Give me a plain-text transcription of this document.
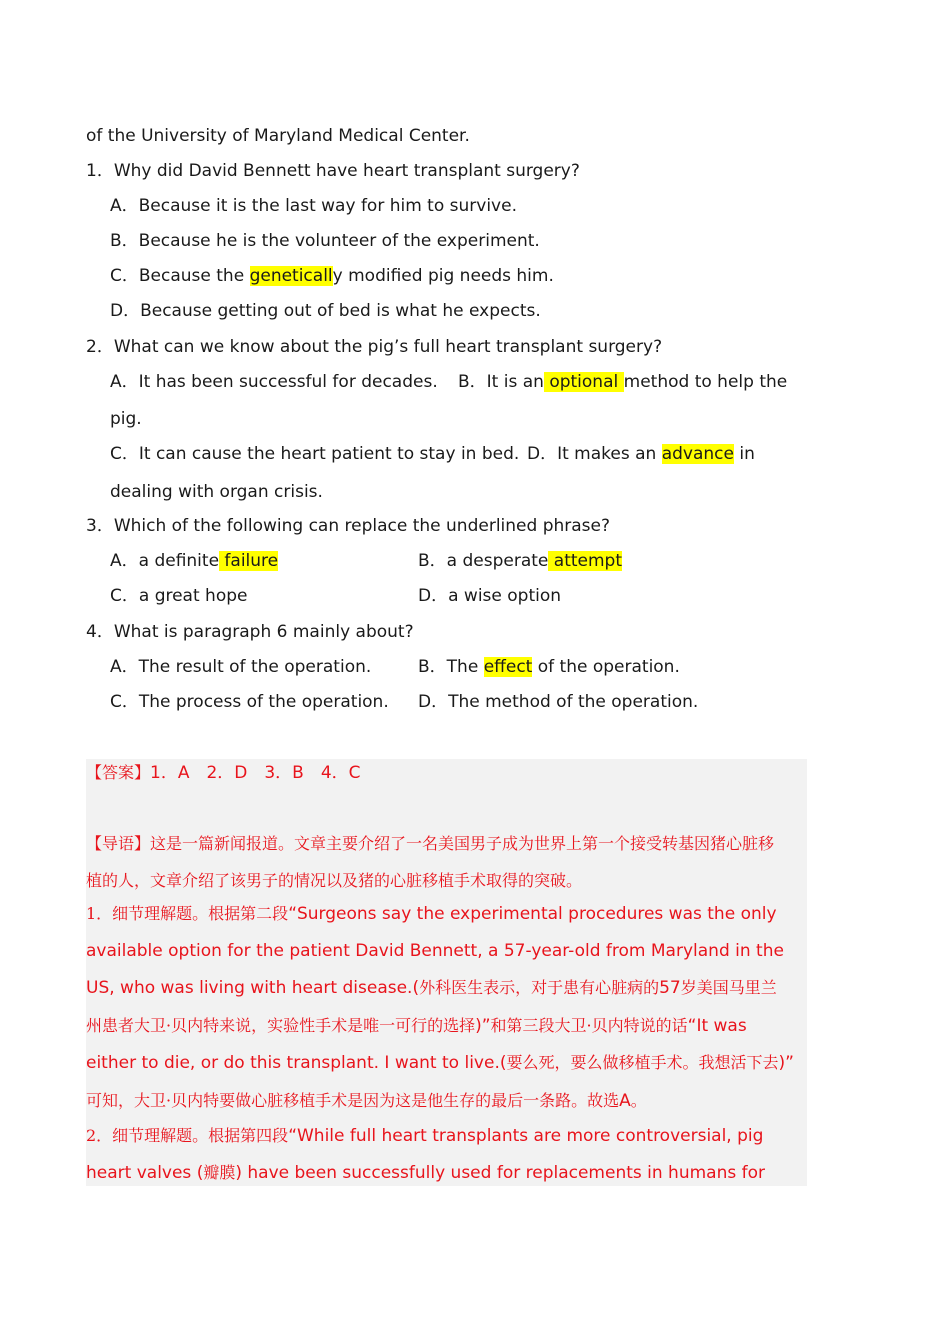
of the University of Maryland Medical Center.
1．Why did David Bennett have heart transplant surgery?
A．Because it is the last way for him to survive.
B．Because he is the volunteer of the experiment.
C．Because the genetically modified pig needs him.
D．Because getting out of bed is what he expects.
2．What can we know about the pig’s full heart transplant surgery?
A．It has been successful for decades. B．It is an optional method to help the
pig.
C．It can cause the heart patient to stay in bed. D．It makes an advance in
dealing with organ crisis.
3．Which of the following can replace the underlined phrase?
A．a definite failure	B．a desperate attempt
C．a great hope	D．a wise option
4．What is paragraph 6 mainly about?
A．The result of the operation.	B．The effect of the operation.
C．The process of the operation. D．The method of the operation.
【答案】1．A　2．D　3．B　4．C
【导语】这是一篇新闻报道。文章主要介绍了一名美国男子成为世界上第一个接受转基因猪心脏移
植的人，文章介绍了该男子的情况以及猪的心脏移植手术取得的突破。
1．细节理解题。根据第二段“Surgeons say the experimental procedures was the only
available option for the patient David Bennett, a 57-year-old from Maryland in the
US, who was living with heart disease.(外科医生表示，对于患有心脏病的57岁美国马里兰
州患者大卫·贝内特来说，实验性手术是唯一可行的选择)”和第三段大卫·贝内特说的话“It was
either to die, or do this transplant. I want to live.(要么死，要么做移植手术。我想活下去)”
可知，大卫·贝内特要做心脏移植手术是因为这是他生存的最后一条路。故选A。
2．细节理解题。根据第四段“While full heart transplants are more controversial, pig
heart valves (瓣膜) have been successfully used for replacements in humans for
